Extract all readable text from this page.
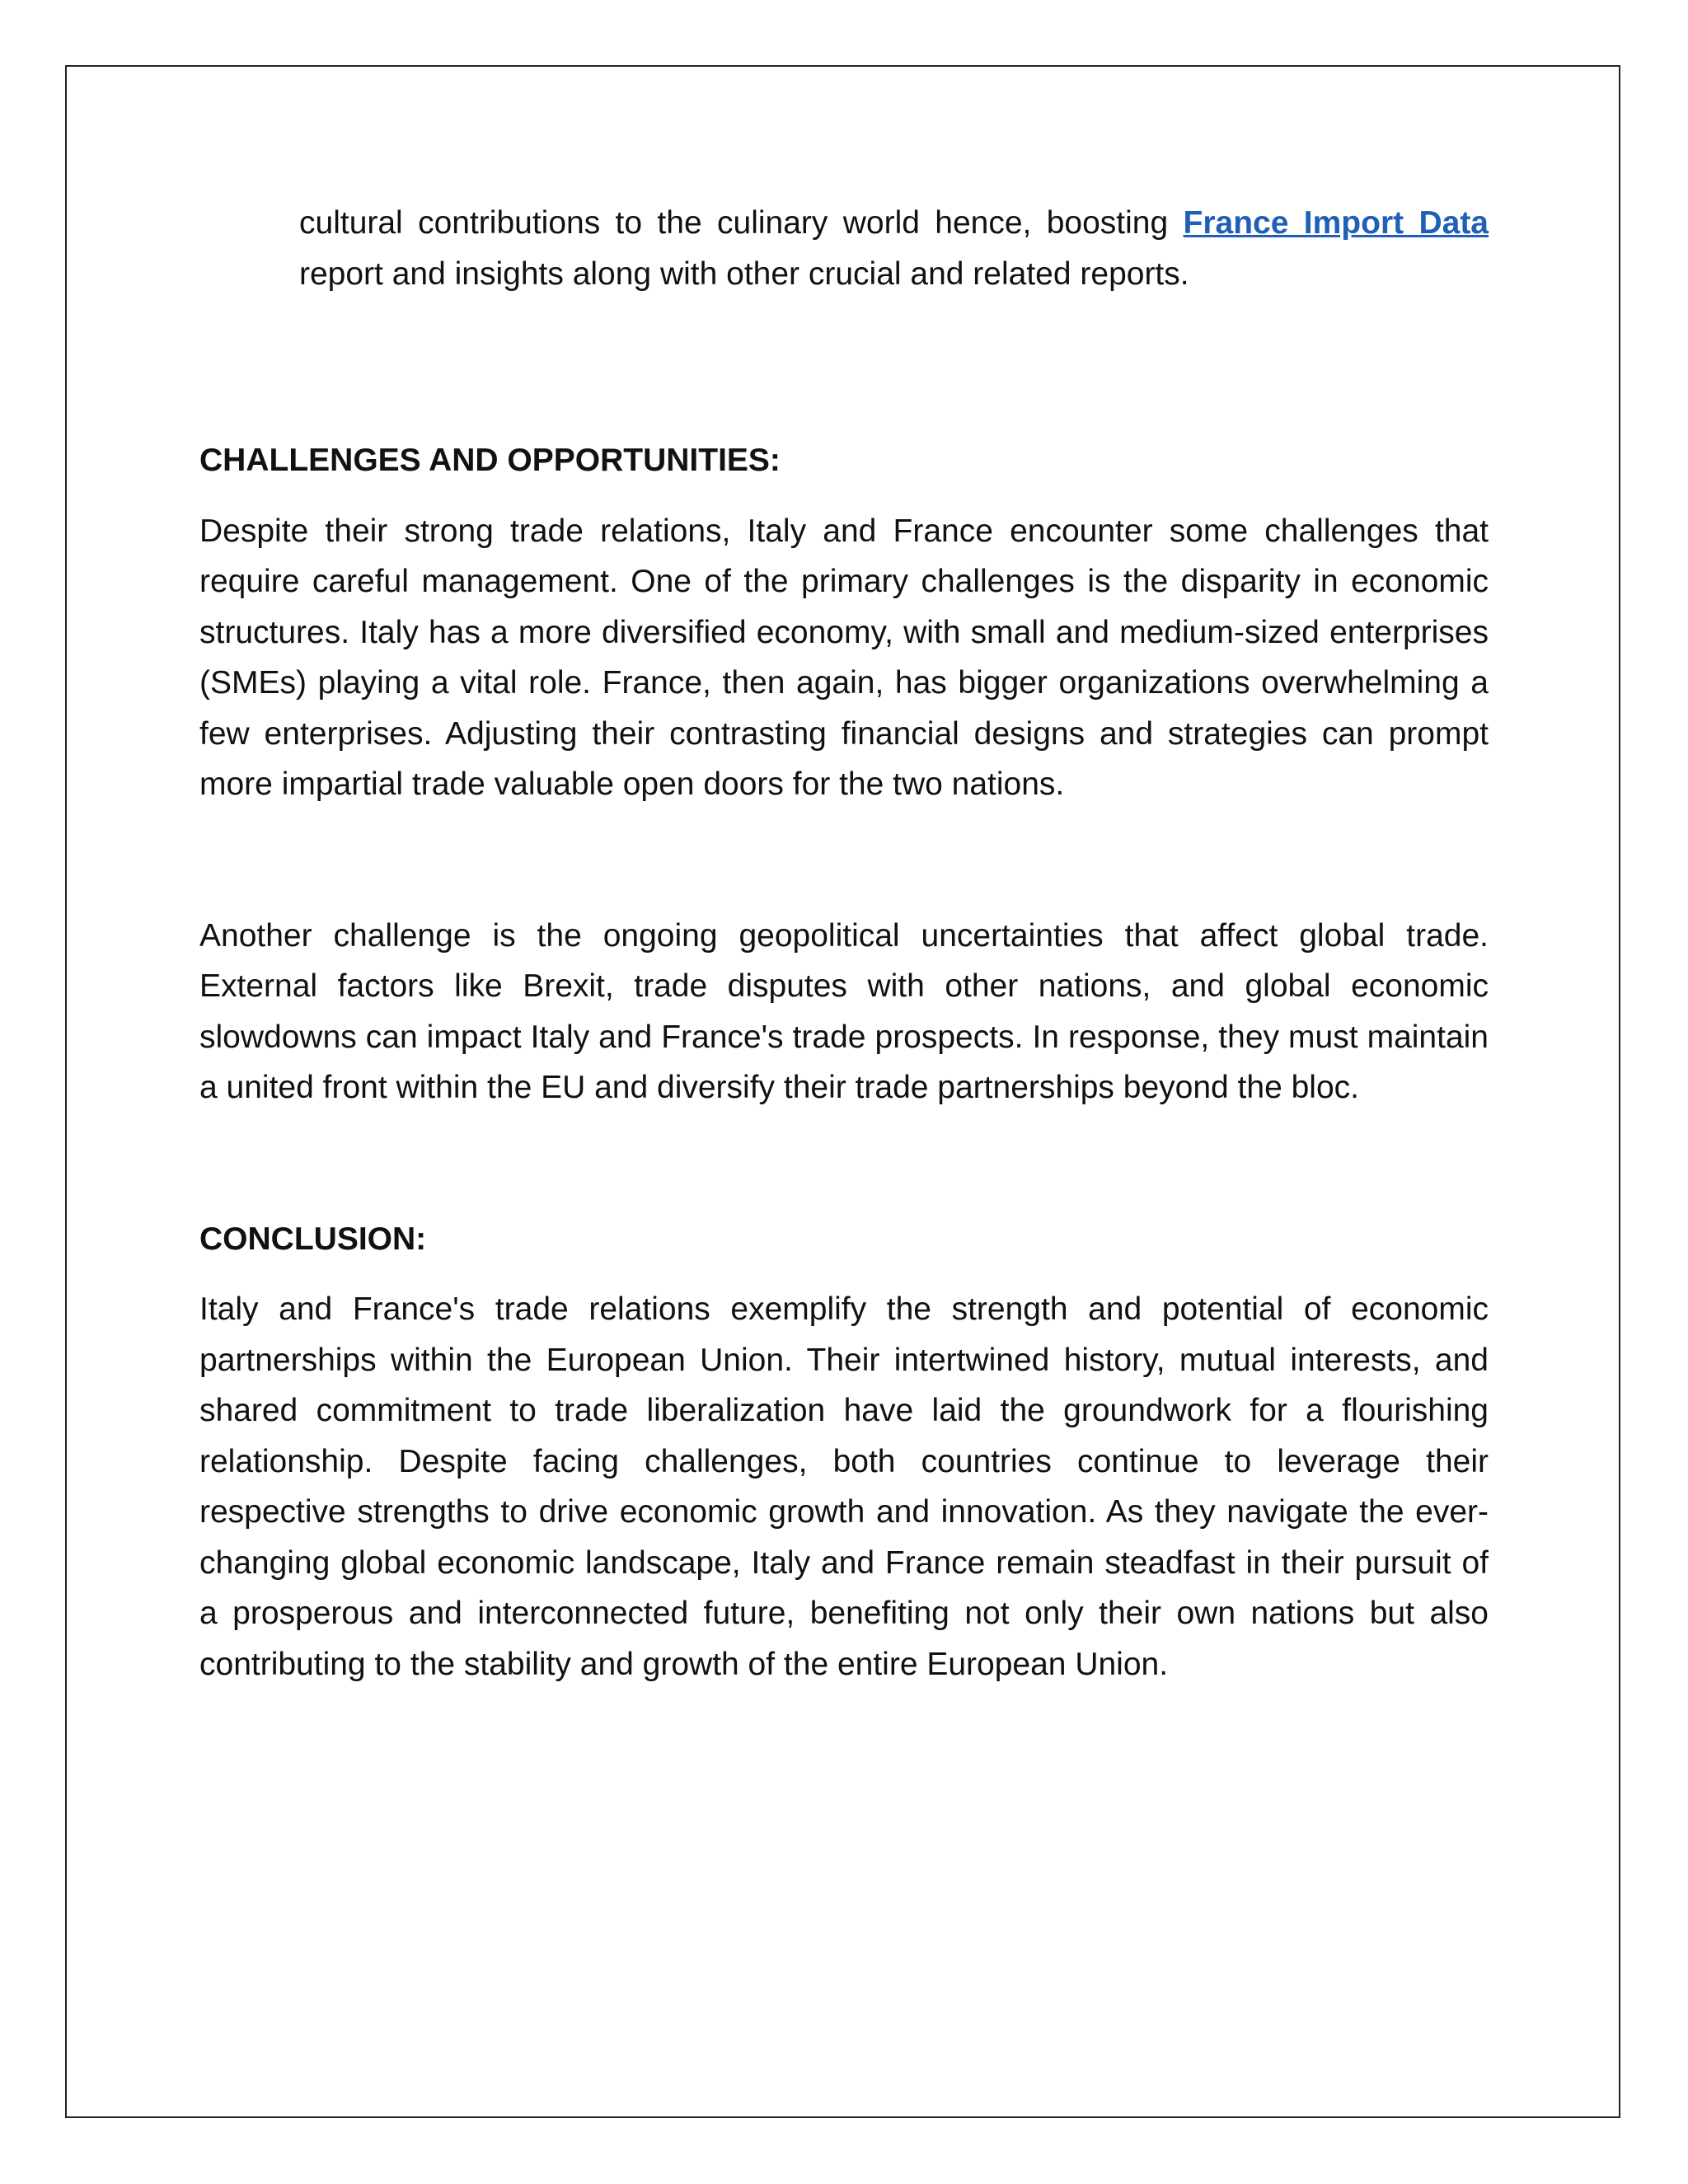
cultural contributions to the culinary world hence, boosting France Import Data report and insights along with other crucial and related reports.

CHALLENGES AND OPPORTUNITIES:

Despite their strong trade relations, Italy and France encounter some challenges that require careful management. One of the primary challenges is the disparity in economic structures. Italy has a more diversified economy, with small and medium-sized enterprises (SMEs) playing a vital role. France, then again, has bigger organizations overwhelming a few enterprises. Adjusting their contrasting financial designs and strategies can prompt more impartial trade valuable open doors for the two nations.

Another challenge is the ongoing geopolitical uncertainties that affect global trade. External factors like Brexit, trade disputes with other nations, and global economic slowdowns can impact Italy and France's trade prospects. In response, they must maintain a united front within the EU and diversify their trade partnerships beyond the bloc.

CONCLUSION:

Italy and France's trade relations exemplify the strength and potential of economic partnerships within the European Union. Their intertwined history, mutual interests, and shared commitment to trade liberalization have laid the groundwork for a flourishing relationship. Despite facing challenges, both countries continue to leverage their respective strengths to drive economic growth and innovation. As they navigate the ever-changing global economic landscape, Italy and France remain steadfast in their pursuit of a prosperous and interconnected future, benefiting not only their own nations but also contributing to the stability and growth of the entire European Union.
